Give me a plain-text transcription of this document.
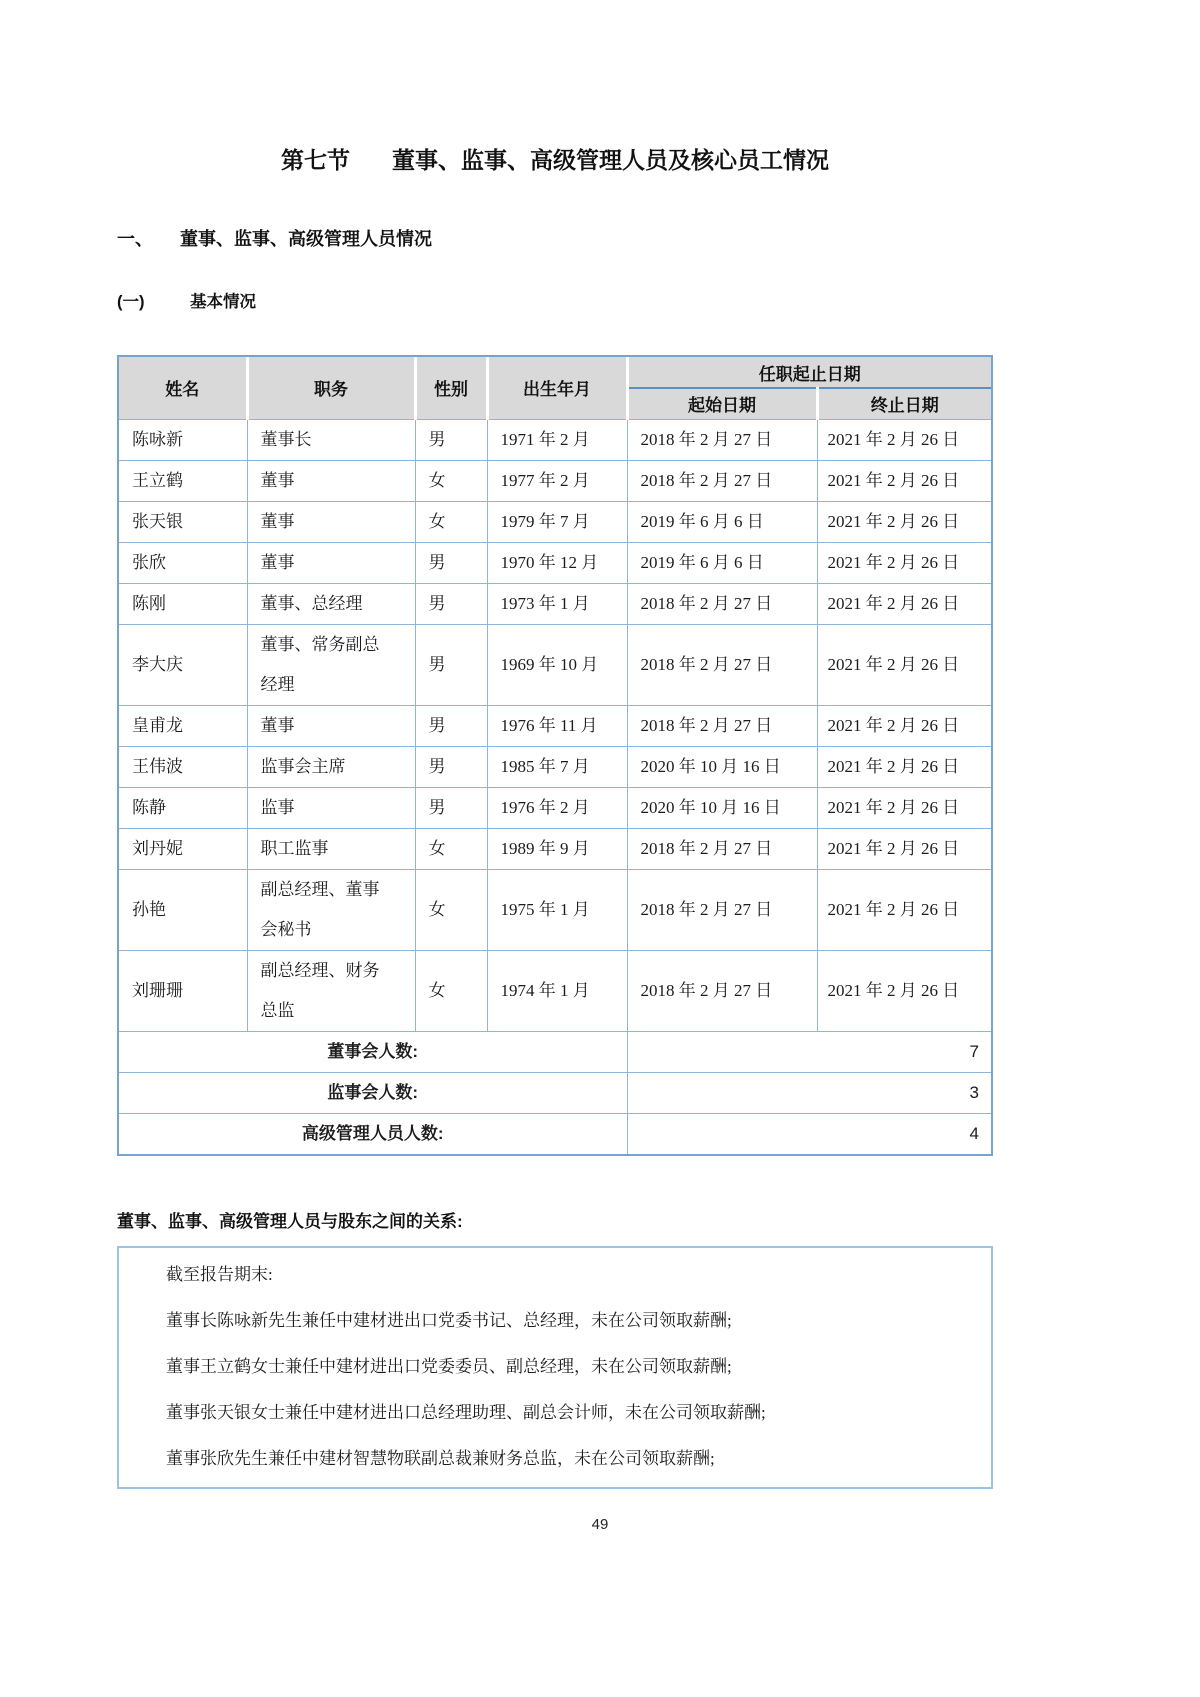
第七节 董事、监事、高级管理人员及核心员工情况
一、	董事、监事、高级管理人员情况
(一)	基本情况
姓名	职务	性别	出生年月	任职起止日期	
				起始日期	终止日期
陈咏新	董事长	男	1971 年 2 月	2018 年 2 月 27 日	2021 年 2 月 26 日
王立鹤	董事	女	1977 年 2 月	2018 年 2 月 27 日	2021 年 2 月 26 日
张天银	董事	女	1979 年 7 月	2019 年 6 月 6 日	2021 年 2 月 26 日
张欣	董事	男	1970 年 12 月	2019 年 6 月 6 日	2021 年 2 月 26 日
陈刚	董事、总经理	男	1973 年 1 月	2018 年 2 月 27 日	2021 年 2 月 26 日
李大庆	董事、常务副总经理	男	1969 年 10 月	2018 年 2 月 27 日	2021 年 2 月 26 日
皇甫龙	董事	男	1976 年 11 月	2018 年 2 月 27 日	2021 年 2 月 26 日
王伟波	监事会主席	男	1985 年 7 月	2020 年 10 月 16 日	2021 年 2 月 26 日
陈静	监事	男	1976 年 2 月	2020 年 10 月 16 日	2021 年 2 月 26 日
刘丹妮	职工监事	女	1989 年 9 月	2018 年 2 月 27 日	2021 年 2 月 26 日
孙艳	副总经理、董事会秘书	女	1975 年 1 月	2018 年 2 月 27 日	2021 年 2 月 26 日
刘珊珊	副总经理、财务总监	女	1974 年 1 月	2018 年 2 月 27 日	2021 年 2 月 26 日
董事会人数:				7	
监事会人数:				3	
高级管理人员人数:				4	
董事、监事、高级管理人员与股东之间的关系:

截至报告期末:

董事长陈咏新先生兼任中建材进出口党委书记、总经理，未在公司领取薪酬;

董事王立鹤女士兼任中建材进出口党委委员、副总经理，未在公司领取薪酬;

董事张天银女士兼任中建材进出口总经理助理、副总会计师，未在公司领取薪酬;

董事张欣先生兼任中建材智慧物联副总裁兼财务总监，未在公司领取薪酬;

49
